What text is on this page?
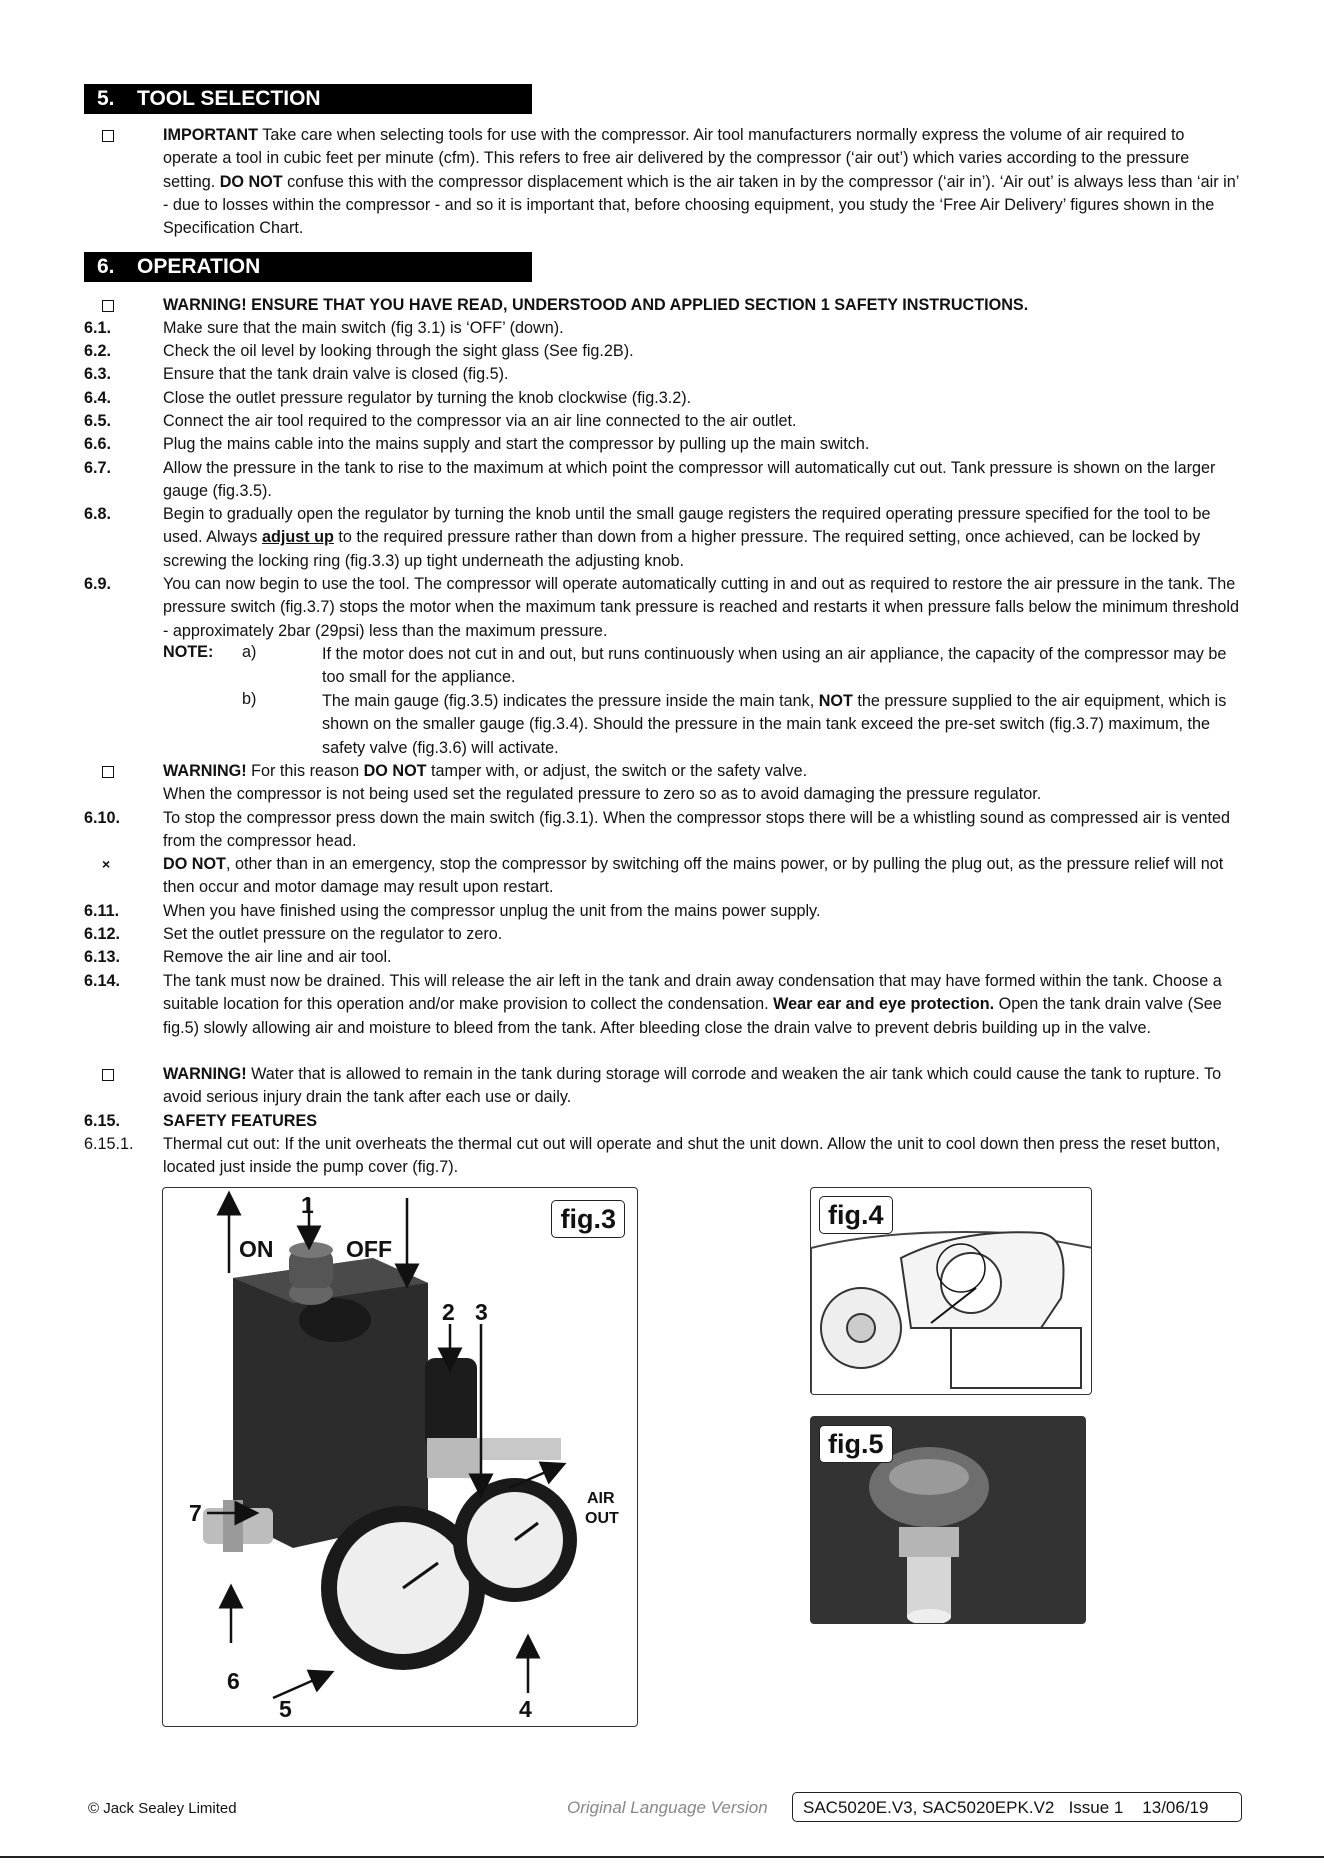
5. TOOL SELECTION
IMPORTANT Take care when selecting tools for use with the compressor. Air tool manufacturers normally express the volume of air required to operate a tool in cubic feet per minute (cfm). This refers to free air delivered by the compressor (‘air out’) which varies according to the pressure setting. DO NOT confuse this with the compressor displacement which is the air taken in by the compressor (‘air in’). ‘Air out’ is always less than ‘air in’ - due to losses within the compressor - and so it is important that, before choosing equipment, you study the ‘Free Air Delivery’ figures shown in the Specification Chart.
6. OPERATION
WARNING! ENSURE THAT YOU HAVE READ, UNDERSTOOD AND APPLIED SECTION 1 SAFETY INSTRUCTIONS.
6.1.	Make sure that the main switch (fig 3.1) is ‘OFF’ (down).
6.2.	Check the oil level by looking through the sight glass (See fig.2B).
6.3.	Ensure that the tank drain valve is closed (fig.5).
6.4.	Close the outlet pressure regulator by turning the knob clockwise (fig.3.2).
6.5.	Connect the air tool required to the compressor via an air line connected to the air outlet.
6.6.	Plug the mains cable into the mains supply and start the compressor by pulling up the main switch.
6.7.	Allow the pressure in the tank to rise to the maximum at which point the compressor will automatically cut out. Tank pressure is shown on the larger gauge (fig.3.5).
6.8.	Begin to gradually open the regulator by turning the knob until the small gauge registers the required operating pressure specified for the tool to be used. Always adjust up to the required pressure rather than down from a higher pressure. The required setting, once achieved, can be locked by screwing the locking ring (fig.3.3) up tight underneath the adjusting knob.
6.9.	You can now begin to use the tool. The compressor will operate automatically cutting in and out as required to restore the air pressure in the tank. The pressure switch (fig.3.7) stops the motor when the maximum tank pressure is reached and restarts it when pressure falls below the minimum threshold - approximately 2bar (29psi) less than the maximum pressure.
NOTE: a)	If the motor does not cut in and out, but runs continuously when using an air appliance, the capacity of the compressor may be too small for the appliance.
b)	The main gauge (fig.3.5) indicates the pressure inside the main tank, NOT the pressure supplied to the air equipment, which is shown on the smaller gauge (fig.3.4). Should the pressure in the main tank exceed the pre-set switch (fig.3.7) maximum, the safety valve (fig.3.6) will activate.
WARNING! For this reason DO NOT tamper with, or adjust, the switch or the safety valve.
When the compressor is not being used set the regulated pressure to zero so as to avoid damaging the pressure regulator.
6.10.	To stop the compressor press down the main switch (fig.3.1). When the compressor stops there will be a whistling sound as compressed air is vented from the compressor head.
×	DO NOT, other than in an emergency, stop the compressor by switching off the mains power, or by pulling the plug out, as the pressure relief will not then occur and motor damage may result upon restart.
6.11.	When you have finished using the compressor unplug the unit from the mains power supply.
6.12.	Set the outlet pressure on the regulator to zero.
6.13.	Remove the air line and air tool.
6.14.	The tank must now be drained. This will release the air left in the tank and drain away condensation that may have formed within the tank. Choose a suitable location for this operation and/or make provision to collect the condensation. Wear ear and eye protection. Open the tank drain valve (See fig.5) slowly allowing air and moisture to bleed from the tank. After bleeding close the drain valve to prevent debris building up in the valve.
WARNING! Water that is allowed to remain in the tank during storage will corrode and weaken the air tank which could cause the tank to rupture. To avoid serious injury drain the tank after each use or daily.
6.15.	SAFETY FEATURES
6.15.1.	Thermal cut out: If the unit overheats the thermal cut out will operate and shut the unit down. Allow the unit to cool down then press the reset button, located just inside the pump cover (fig.7).
fig.3
ON	OFF
1
2 3
4
5
6
7
AIR
OUT
fig.4
fig.5
© Jack Sealey Limited	Original Language Version	SAC5020E.V3, SAC5020EPK.V2 Issue 1 13/06/19
